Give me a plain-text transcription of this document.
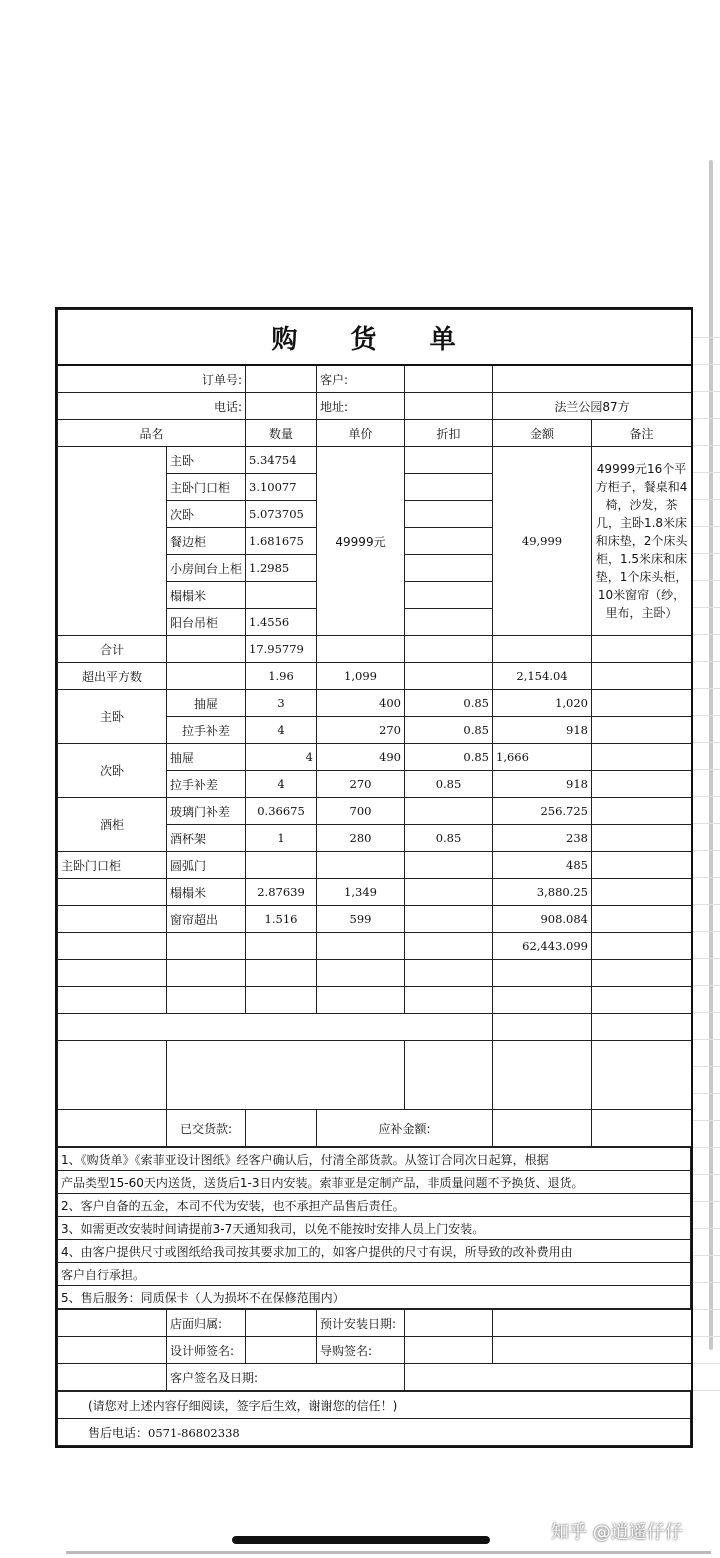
购 货 单						
订单号:			客户:			
电话:			地址:		法兰公园87方	
品名		数量	单价	折扣	金额	备注
	主卧	5.34754	49999元		49,999	49999元16个平方柜子，餐桌和4椅，沙发，茶几，主卧1.8米床和床垫，2个床头柜，1.5米床和床垫，1个床头柜，10米窗帘（纱，里布，主卧）
	主卧门口柜	3.10077				
	次卧	5.073705				
	餐边柜	1.681675				
	小房间台上柜	1.2985				
	榻榻米					
	阳台吊柜	1.4556				
合计		17.95779				
超出平方数		1.96	1,099		2,154.04	
主卧	抽屉	3	400	0.85	1,020	
	拉手补差	4	270	0.85	918	
次卧	抽屉	4	490	0.85	1,666	
	拉手补差	4	270	0.85	918	
酒柜	玻璃门补差	0.36675	700		256.725	
	酒杯架	1	280	0.85	238	
主卧门口柜	圆弧门				485	
	榻榻米	2.87639	1,349		3,880.25	
	窗帘超出	1.516	599		908.084	
					62,443.099	

	已交货款:		应补金额:			
1、《购货单》《索菲亚设计图纸》经客户确认后，付清全部货款。从签订合同次日起算，根据
产品类型15-60天内送货，送货后1-3日内安装。索菲亚是定制产品，非质量问题不予换货、退货。
2、客户自备的五金，本司不代为安装，也不承担产品售后责任。
3、如需更改安装时间请提前3-7天通知我司，以免不能按时安排人员上门安装。
4、由客户提供尺寸或图纸给我司按其要求加工的，如客户提供的尺寸有误，所导致的改补费用由
客户自行承担。
5、售后服务：同质保卡（人为损坏不在保修范围内）
	店面归属:		预计安装日期:		
	设计师签名:		导购签名:		
	客户签名及日期:				
(请您对上述内容仔细阅读，签字后生效，谢谢您的信任！)
售后电话：0571-86802338
知乎 @逍遥仔仔
